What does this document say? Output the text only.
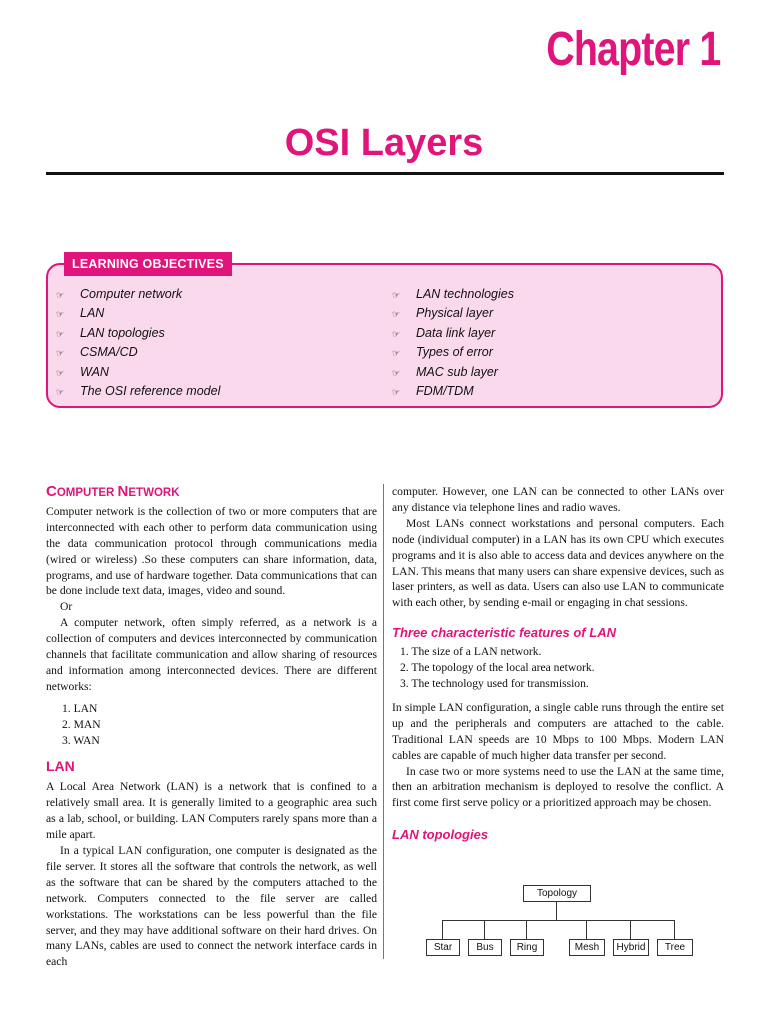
Chapter 1
OSI Layers
LEARNING OBJECTIVES
☞ Computer network
☞ LAN
☞ LAN topologies
☞ CSMA/CD
☞ WAN
☞ The OSI reference model
☞ LAN technologies
☞ Physical layer
☞ Data link layer
☞ Types of error
☞ MAC sub layer
☞ FDM/TDM
COMPUTER NETWORK

Computer network is the collection of two or more computers that are interconnected with each other to perform data communication using the data communication protocol through communications media (wired or wireless) .So these computers can share information, data, programs, and use of hardware together. Data communications that can be done include text data, images, video and sound.

Or

A computer network, often simply referred, as a network is a collection of computers and devices interconnected by communication channels that facilitate communication and allow sharing of resources and information among interconnected devices. There are different networks:

1. LAN
2. MAN
3. WAN
LAN

A Local Area Network (LAN) is a network that is confined to a relatively small area. It is generally limited to a geographic area such as a lab, school, or building. LAN Computers rarely spans more than a mile apart.

In a typical LAN configuration, one computer is designated as the file server. It stores all the software that controls the network, as well as the software that can be shared by the computers attached to the network. Computers connected to the file server are called workstations. The workstations can be less powerful than the file server, and they may have additional software on their hard drives. On many LANs, cables are used to connect the network interface cards in each

computer. However, one LAN can be connected to other LANs over any distance via telephone lines and radio waves.

Most LANs connect workstations and personal computers. Each node (individual computer) in a LAN has its own CPU which executes programs and it is also able to access data and devices anywhere on the LAN. This means that many users can share expensive devices, such as laser printers, as well as data. Users can also use LAN to communicate with each other, by sending e-mail or engaging in chat sessions.

Three characteristic features of LAN
1. The size of a LAN network.
2. The topology of the local area network.
3. The technology used for transmission.

In simple LAN configuration, a single cable runs through the entire set up and the peripherals and computers are attached to the cable. Traditional LAN speeds are 10 Mbps to 100 Mbps. Modern LAN cables are capable of much higher data transfer per second.

In case two or more systems need to use the LAN at the same time, then an arbitration mechanism is deployed to resolve the conflict. A first come first serve policy or a prioritized approach may be chosen.

LAN topologies
Topology
Star	Bus	Ring	Mesh	Hybrid	Tree
